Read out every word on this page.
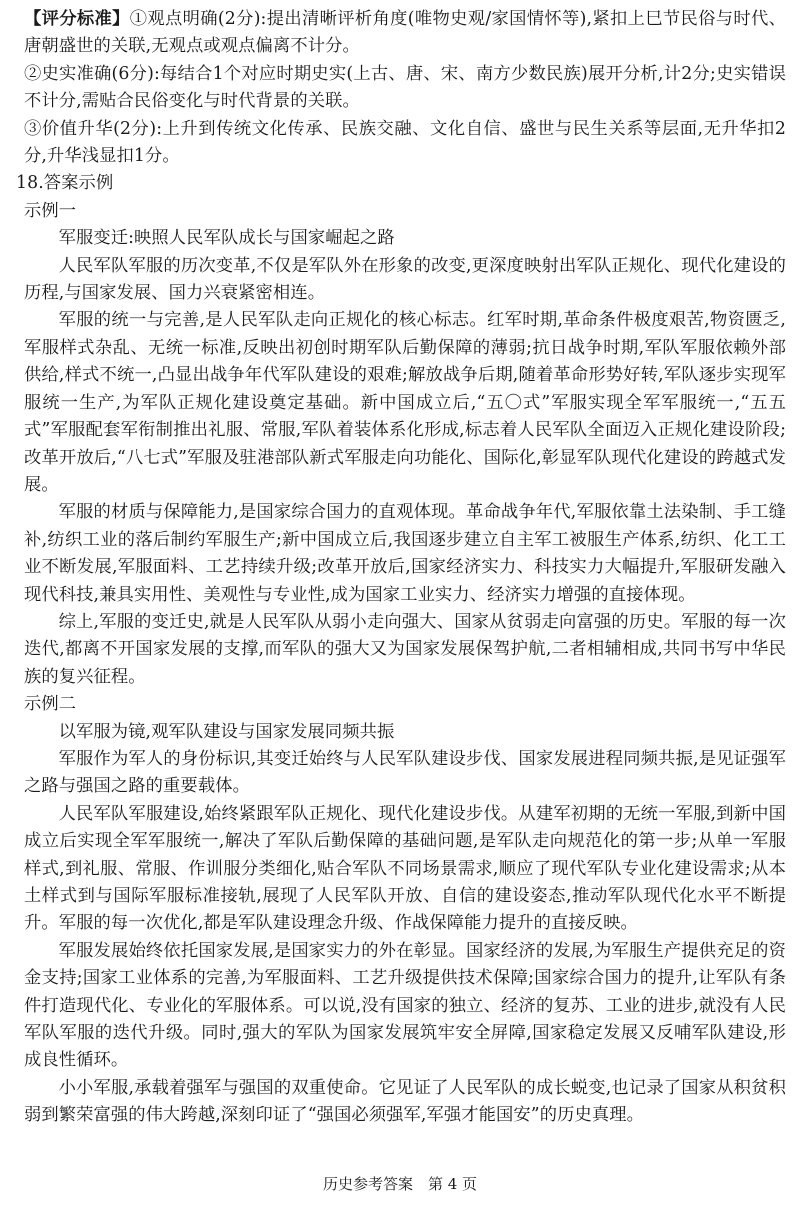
【评分标准】①观点明确(2分):提出清晰评析角度(唯物史观/家国情怀等),紧扣上巳节民俗与时代、唐朝盛世的关联,无观点或观点偏离不计分。

②史实准确(6分):每结合1个对应时期史实(上古、唐、宋、南方少数民族)展开分析,计2分;史实错误不计分,需贴合民俗变化与时代背景的关联。

③价值升华(2分):上升到传统文化传承、民族交融、文化自信、盛世与民生关系等层面,无升华扣2分,升华浅显扣1分。

18.答案示例

示例一

军服变迁:映照人民军队成长与国家崛起之路

人民军队军服的历次变革,不仅是军队外在形象的改变,更深度映射出军队正规化、现代化建设的历程,与国家发展、国力兴衰紧密相连。

军服的统一与完善,是人民军队走向正规化的核心标志。红军时期,革命条件极度艰苦,物资匮乏,军服样式杂乱、无统一标准,反映出初创时期军队后勤保障的薄弱;抗日战争时期,军队军服依赖外部供给,样式不统一,凸显出战争年代军队建设的艰难;解放战争后期,随着革命形势好转,军队逐步实现军服统一生产,为军队正规化建设奠定基础。新中国成立后,“五〇式”军服实现全军军服统一,“五五式”军服配套军衔制推出礼服、常服,军队着装体系化形成,标志着人民军队全面迈入正规化建设阶段;改革开放后,“八七式”军服及驻港部队新式军服走向功能化、国际化,彰显军队现代化建设的跨越式发展。

军服的材质与保障能力,是国家综合国力的直观体现。革命战争年代,军服依靠土法染制、手工缝补,纺织工业的落后制约军服生产;新中国成立后,我国逐步建立自主军工被服生产体系,纺织、化工工业不断发展,军服面料、工艺持续升级;改革开放后,国家经济实力、科技实力大幅提升,军服研发融入现代科技,兼具实用性、美观性与专业性,成为国家工业实力、经济实力增强的直接体现。

综上,军服的变迁史,就是人民军队从弱小走向强大、国家从贫弱走向富强的历史。军服的每一次迭代,都离不开国家发展的支撑,而军队的强大又为国家发展保驾护航,二者相辅相成,共同书写中华民族的复兴征程。

示例二

以军服为镜,观军队建设与国家发展同频共振

军服作为军人的身份标识,其变迁始终与人民军队建设步伐、国家发展进程同频共振,是见证强军之路与强国之路的重要载体。

人民军队军服建设,始终紧跟军队正规化、现代化建设步伐。从建军初期的无统一军服,到新中国成立后实现全军军服统一,解决了军队后勤保障的基础问题,是军队走向规范化的第一步;从单一军服样式,到礼服、常服、作训服分类细化,贴合军队不同场景需求,顺应了现代军队专业化建设需求;从本土样式到与国际军服标准接轨,展现了人民军队开放、自信的建设姿态,推动军队现代化水平不断提升。军服的每一次优化,都是军队建设理念升级、作战保障能力提升的直接反映。

军服发展始终依托国家发展,是国家实力的外在彰显。国家经济的发展,为军服生产提供充足的资金支持;国家工业体系的完善,为军服面料、工艺升级提供技术保障;国家综合国力的提升,让军队有条件打造现代化、专业化的军服体系。可以说,没有国家的独立、经济的复苏、工业的进步,就没有人民军队军服的迭代升级。同时,强大的军队为国家发展筑牢安全屏障,国家稳定发展又反哺军队建设,形成良性循环。

小小军服,承载着强军与强国的双重使命。它见证了人民军队的成长蜕变,也记录了国家从积贫积弱到繁荣富强的伟大跨越,深刻印证了“强国必须强军,军强才能国安”的历史真理。

历史参考答案　第 4 页
